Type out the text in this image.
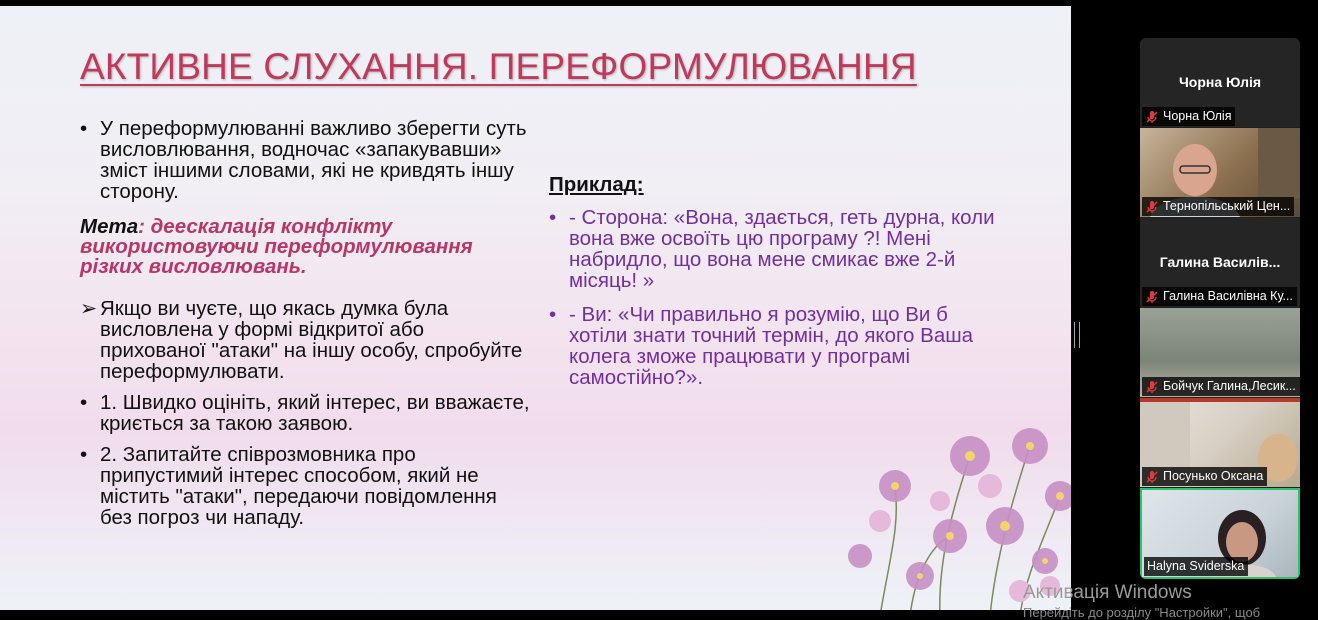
АКТИВНЕ СЛУХАННЯ. ПЕРЕФОРМУЛЮВАННЯ
• У переформулюванні важливо зберегти суть висловлювання, водночас «запакувавши» зміст іншими словами, які не кривдять іншу сторону.
Мета: деескалація конфлікту використовуючи переформулювання різких висловлювань.
➢ Якщо ви чуєте, що якась думка була висловлена у формі відкритої або прихованої "атаки" на іншу особу, спробуйте переформулювати.
• 1. Швидко оцініть, який інтерес, ви вважаєте, криється за такою заявою.
• 2. Запитайте співрозмовника про припустимий інтерес способом, який не містить "атаки", передаючи повідомлення без погроз чи нападу.
Приклад:
• - Сторона: «Вона, здається, геть дурна, коли вона вже освоїть цю програму ?! Мені набридло, що вона мене смикає вже 2-й місяць! »
• - Ви: «Чи правильно я розумію, що Ви б хотіли знати точний термін, до якого Ваша колега зможе працювати у програмі самостійно?».
Чорна Юлія
Чорна Юлія
Тернопільський Цен...
Галина Василів...
Галина Василівна Ку...
Бойчук Галина,Лесик...
Посунько Оксана
Halyna Sviderska
Активація Windows
Перейдіть до розділу "Настройки", щоб
